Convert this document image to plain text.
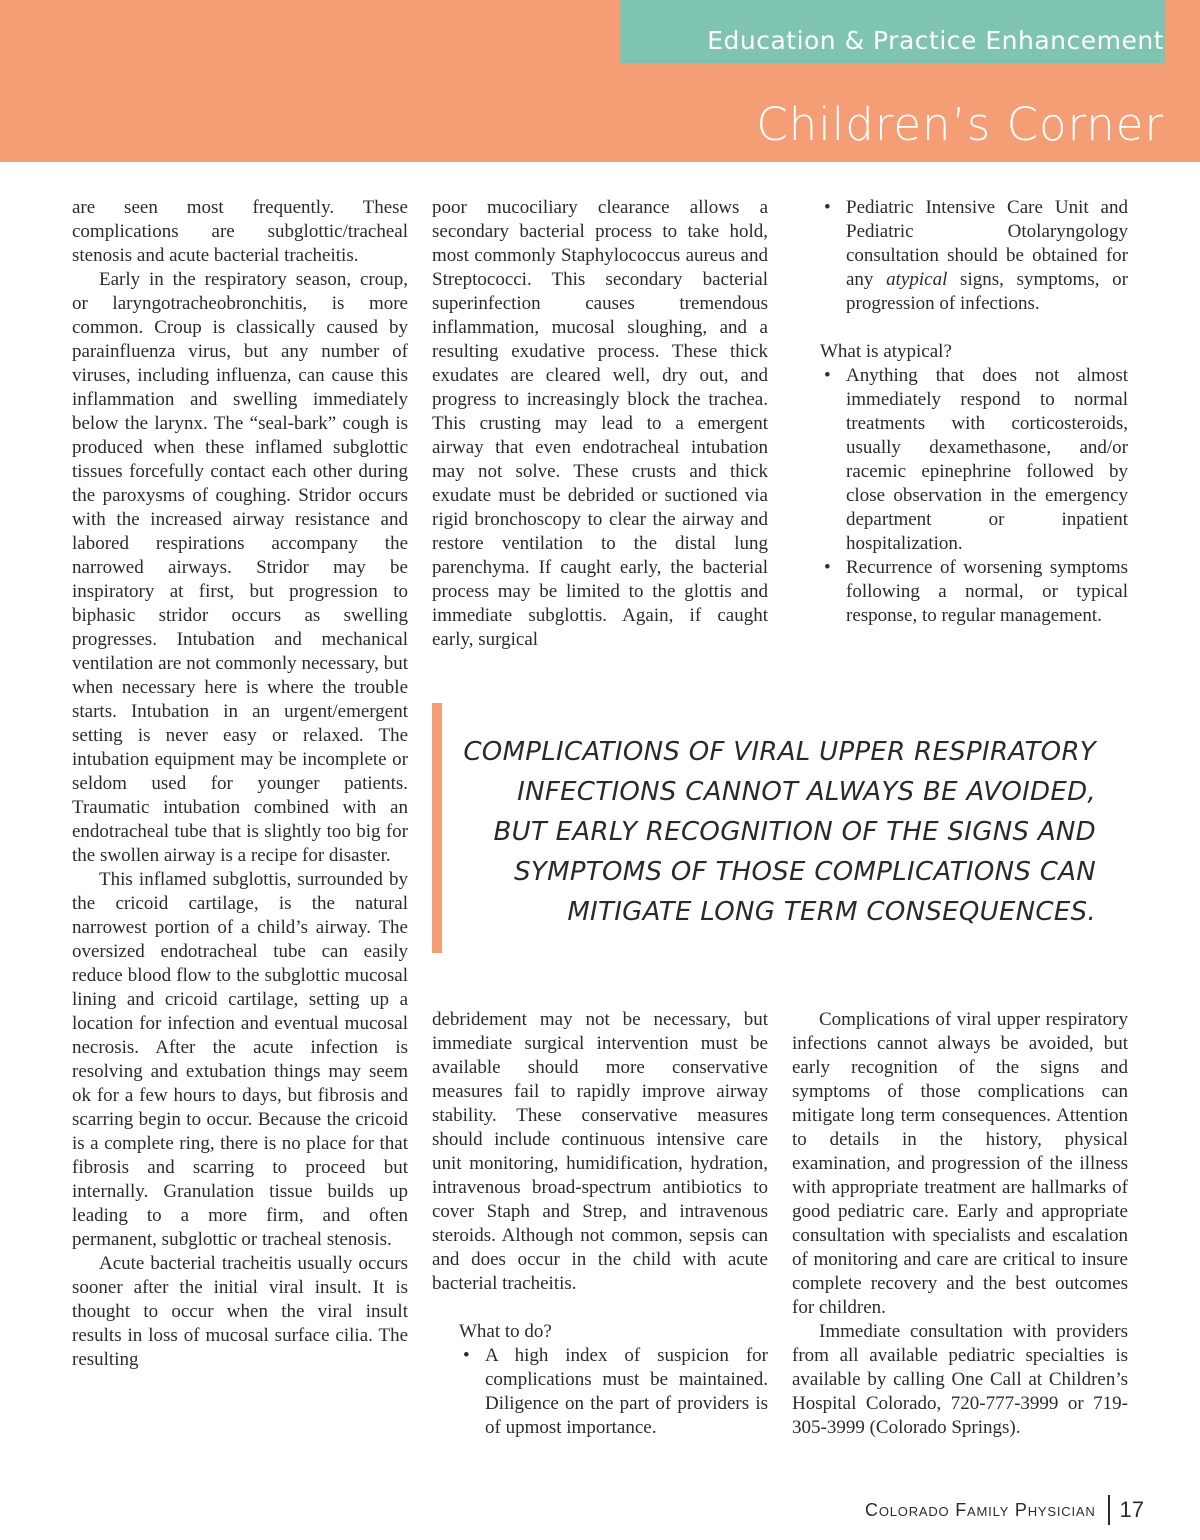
Education & Practice Enhancement
Children’s Corner

are seen most frequently. These complications are subglottic/tracheal stenosis and acute bacterial tracheitis.

Early in the respiratory season, croup, or laryngotracheobronchitis, is more common. Croup is classically caused by parainfluenza virus, but any number of viruses, including influenza, can cause this inflammation and swelling immediately below the larynx. The “seal-bark” cough is produced when these inflamed subglottic tissues forcefully contact each other during the paroxysms of coughing. Stridor occurs with the increased airway resistance and labored respirations accompany the narrowed airways. Stridor may be inspiratory at first, but progression to biphasic stridor occurs as swelling progresses. Intubation and mechanical ventilation are not commonly necessary, but when necessary here is where the trouble starts. Intubation in an urgent/emergent setting is never easy or relaxed. The intubation equipment may be incomplete or seldom used for younger patients. Traumatic intubation combined with an endotracheal tube that is slightly too big for the swollen airway is a recipe for disaster.

This inflamed subglottis, surrounded by the cricoid cartilage, is the natural narrowest portion of a child’s airway. The oversized endotracheal tube can easily reduce blood flow to the subglottic mucosal lining and cricoid cartilage, setting up a location for infection and eventual mucosal necrosis. After the acute infection is resolving and extubation things may seem ok for a few hours to days, but fibrosis and scarring begin to occur. Because the cricoid is a complete ring, there is no place for that fibrosis and scarring to proceed but internally. Granulation tissue builds up leading to a more firm, and often permanent, subglottic or tracheal stenosis.

Acute bacterial tracheitis usually occurs sooner after the initial viral insult. It is thought to occur when the viral insult results in loss of mucosal surface cilia. The resulting

poor mucociliary clearance allows a secondary bacterial process to take hold, most commonly Staphylococcus aureus and Streptococci. This secondary bacterial superinfection causes tremendous inflammation, mucosal sloughing, and a resulting exudative process. These thick exudates are cleared well, dry out, and progress to increasingly block the trachea. This crusting may lead to a emergent airway that even endotracheal intubation may not solve. These crusts and thick exudate must be debrided or suctioned via rigid bronchoscopy to clear the airway and restore ventilation to the distal lung parenchyma. If caught early, the bacterial process may be limited to the glottis and immediate subglottis. Again, if caught early, surgical

• Pediatric Intensive Care Unit and Pediatric Otolaryngology consultation should be obtained for any atypical signs, symptoms, or progression of infections.

What is atypical?

• Anything that does not almost immediately respond to normal treatments with corticosteroids, usually dexamethasone, and/or racemic epinephrine followed by close observation in the emergency department or inpatient hospitalization.
• Recurrence of worsening symptoms following a normal, or typical response, to regular management.
COMPLICATIONS OF VIRAL UPPER RESPIRATORY
INFECTIONS CANNOT ALWAYS BE AVOIDED,
BUT EARLY RECOGNITION OF THE SIGNS AND
SYMPTOMS OF THOSE COMPLICATIONS CAN
MITIGATE LONG TERM CONSEQUENCES.

debridement may not be necessary, but immediate surgical intervention must be available should more conservative measures fail to rapidly improve airway stability. These conservative measures should include continuous intensive care unit monitoring, humidification, hydration, intravenous broad-spectrum antibiotics to cover Staph and Strep, and intravenous steroids. Although not common, sepsis can and does occur in the child with acute bacterial tracheitis.

What to do?

• A high index of suspicion for complications must be maintained. Diligence on the part of providers is of upmost importance.

Complications of viral upper respiratory infections cannot always be avoided, but early recognition of the signs and symptoms of those complications can mitigate long term consequences. Attention to details in the history, physical examination, and progression of the illness with appropriate treatment are hallmarks of good pediatric care. Early and appropriate consultation with specialists and escalation of monitoring and care are critical to insure complete recovery and the best outcomes for children.

Immediate consultation with providers from all available pediatric specialties is available by calling One Call at Children’s Hospital Colorado, 720-777-3999 or 719-305-3999 (Colorado Springs).

Colorado Family Physician 17
